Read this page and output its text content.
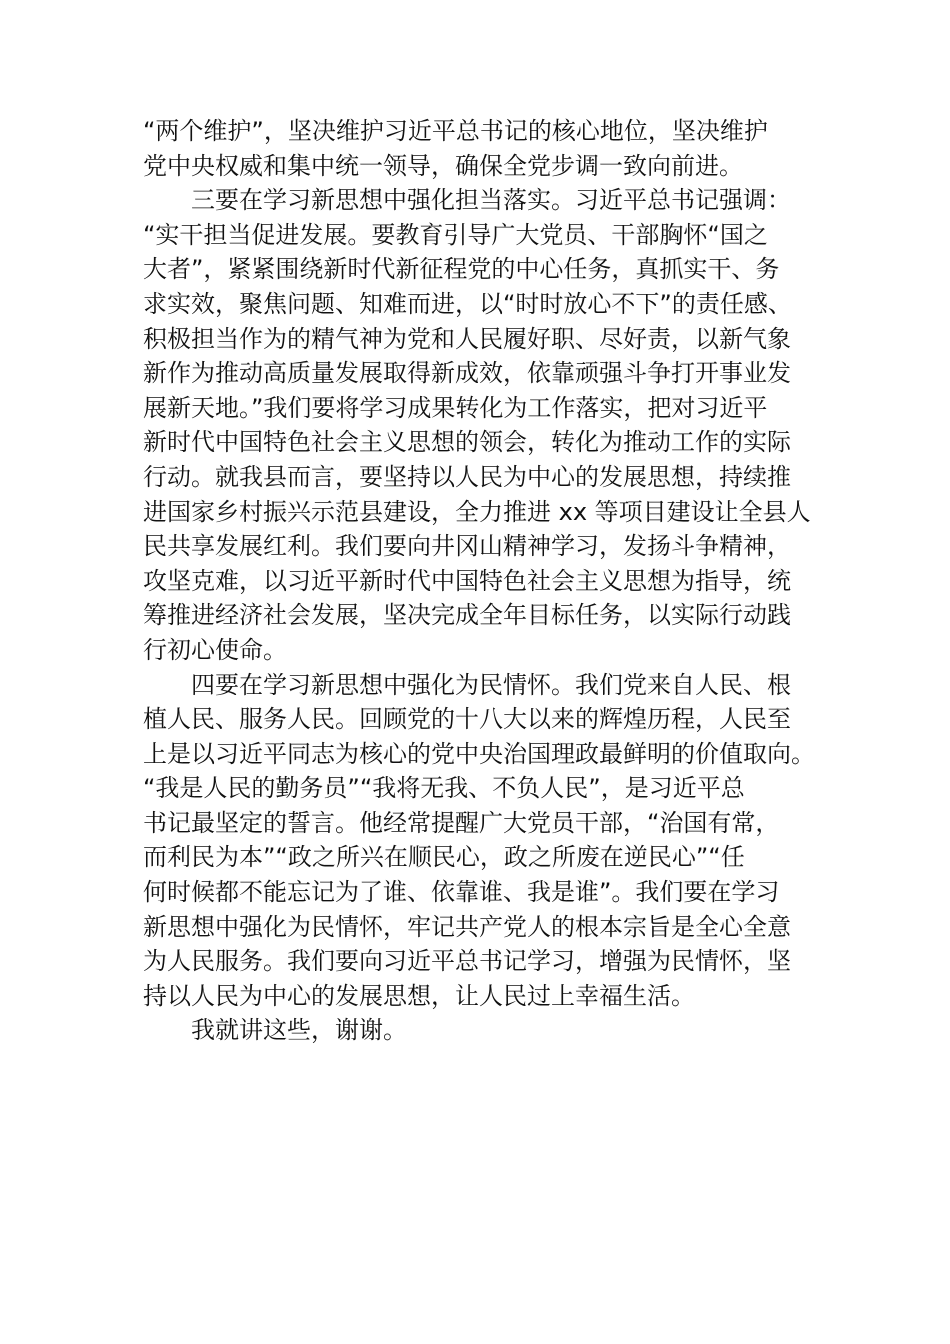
“两个维护”，坚决维护习近平总书记的核心地位，坚决维护
党中央权威和集中统一领导，确保全党步调一致向前进。
三要在学习新思想中强化担当落实。习近平总书记强调：
“实干担当促进发展。要教育引导广大党员、干部胸怀“国之
大者”，紧紧围绕新时代新征程党的中心任务，真抓实干、务
求实效，聚焦问题、知难而进，以“时时放心不下”的责任感、
积极担当作为的精气神为党和人民履好职、尽好责，以新气象
新作为推动高质量发展取得新成效，依靠顽强斗争打开事业发
展新天地。”我们要将学习成果转化为工作落实，把对习近平
新时代中国特色社会主义思想的领会，转化为推动工作的实际
行动。就我县而言，要坚持以人民为中心的发展思想，持续推
进国家乡村振兴示范县建设，全力推进 xx 等项目建设让全县人
民共享发展红利。我们要向井冈山精神学习，发扬斗争精神，
攻坚克难，以习近平新时代中国特色社会主义思想为指导，统
筹推进经济社会发展，坚决完成全年目标任务，以实际行动践
行初心使命。
四要在学习新思想中强化为民情怀。我们党来自人民、根
植人民、服务人民。回顾党的十八大以来的辉煌历程，人民至
上是以习近平同志为核心的党中央治国理政最鲜明的价值取向。
“我是人民的勤务员”“我将无我、不负人民”，是习近平总
书记最坚定的誓言。他经常提醒广大党员干部，“治国有常，
而利民为本”“政之所兴在顺民心，政之所废在逆民心”“任
何时候都不能忘记为了谁、依靠谁、我是谁”。我们要在学习
新思想中强化为民情怀，牢记共产党人的根本宗旨是全心全意
为人民服务。我们要向习近平总书记学习，增强为民情怀，坚
持以人民为中心的发展思想，让人民过上幸福生活。
我就讲这些，谢谢。
